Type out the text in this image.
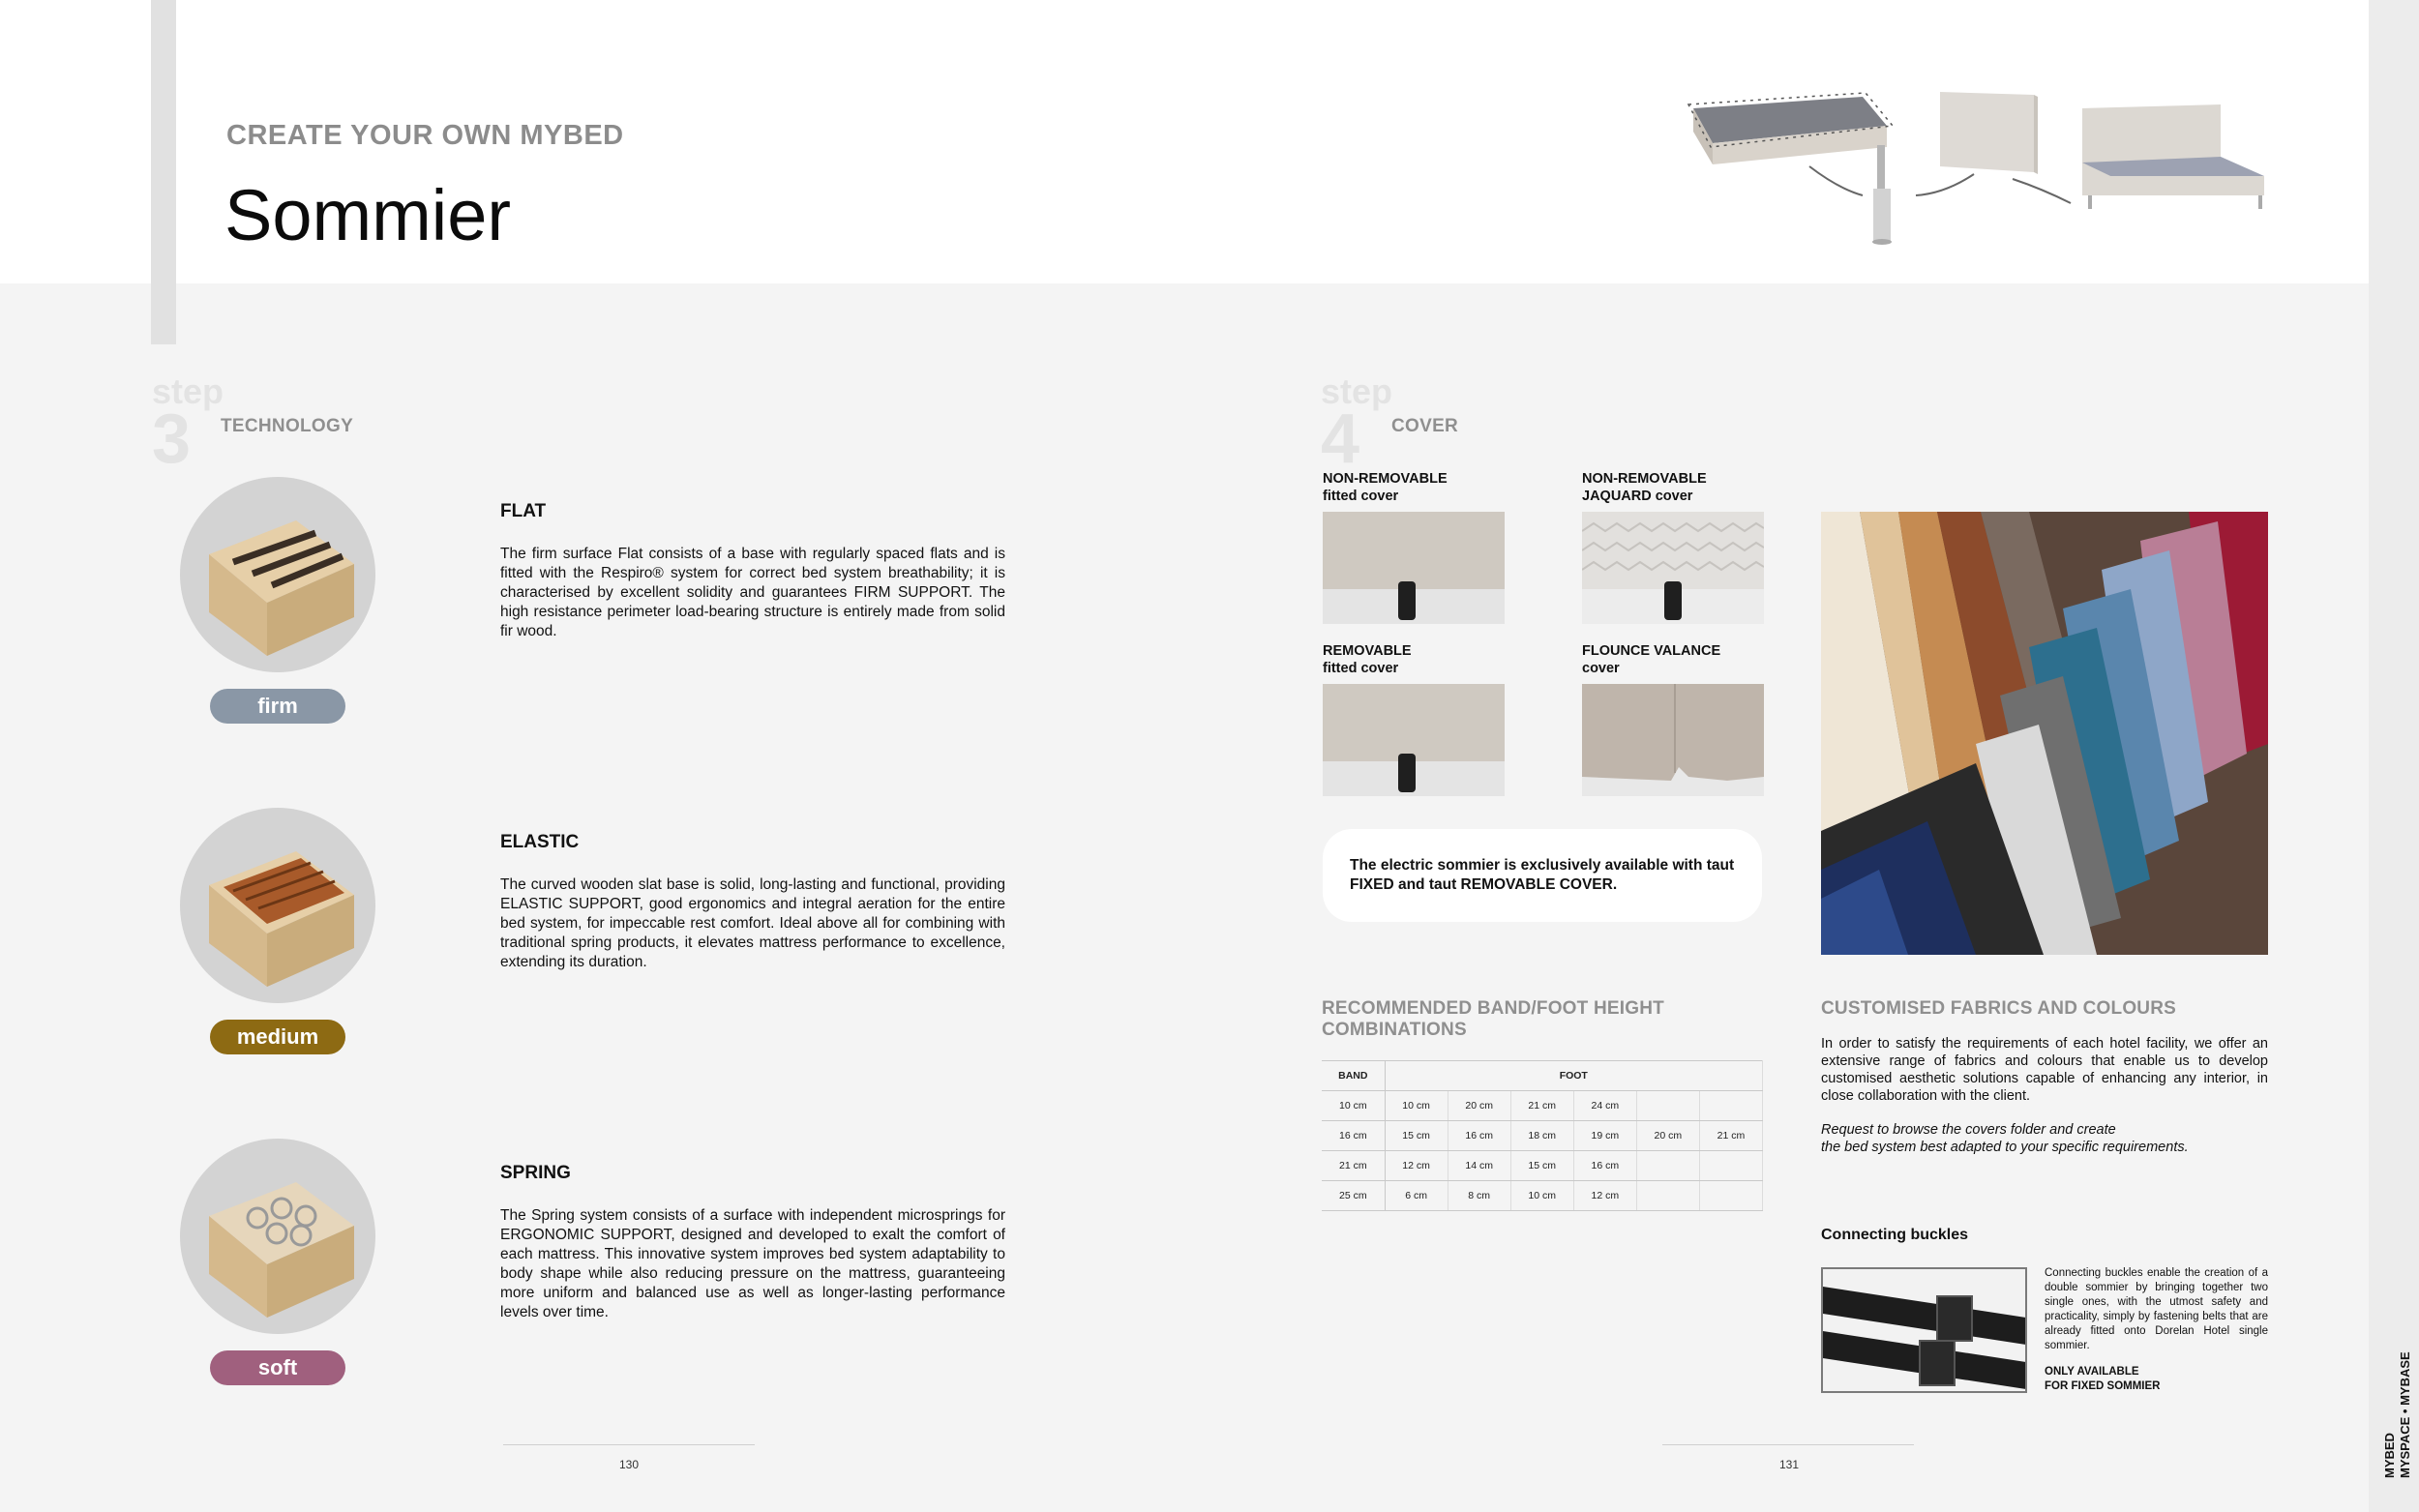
CREATE YOUR OWN MYBED
Sommier
step
3 TECHNOLOGY
firm
FLAT
The firm surface Flat consists of a base with regularly spaced flats and is fitted with the Respiro® system for correct bed system breathability; it is characterised by excellent solidity and guarantees FIRM SUPPORT. The high resistance perimeter load-bearing structure is entirely made from solid fir wood.
medium
ELASTIC
The curved wooden slat base is solid, long-lasting and functional, providing ELASTIC SUPPORT, good ergonomics and integral aeration for the entire bed system, for impeccable rest comfort. Ideal above all for combining with traditional spring products, it elevates mattress performance to excellence, extending its duration.
soft
SPRING
The Spring system consists of a surface with independent microsprings for ERGONOMIC SUPPORT, designed and developed to exalt the comfort of each mattress. This innovative system improves bed system adaptability to body shape while also reducing pressure on the mattress, guaranteeing more uniform and balanced use as well as longer-lasting performance levels over time.
130
step
4 COVER
NON-REMOVABLE
fitted cover
NON-REMOVABLE
JAQUARD cover
REMOVABLE
fitted cover
FLOUNCE VALANCE
cover
The electric sommier is exclusively available with taut FIXED and taut REMOVABLE COVER.
RECOMMENDED BAND/FOOT HEIGHT COMBINATIONS
BAND	FOOT					
10 cm	10 cm	20 cm	21 cm	24 cm		
16 cm	15 cm	16 cm	18 cm	19 cm	20 cm	21 cm
21 cm	12 cm	14 cm	15 cm	16 cm		
25 cm	6 cm	8 cm	10 cm	12 cm		
CUSTOMISED FABRICS AND COLOURS
In order to satisfy the requirements of each hotel facility, we offer an extensive range of fabrics and colours that enable us to develop customised aesthetic solutions capable of enhancing any interior, in close collaboration with the client.
Request to browse the covers folder and create
the bed system best adapted to your specific requirements.
Connecting buckles
Connecting buckles enable the creation of a double sommier by bringing together two single ones, with the utmost safety and practicality, simply by fastening belts that are already fitted onto Dorelan Hotel single sommier.
ONLY AVAILABLE
FOR FIXED SOMMIER
131	MYBED MYSPACE • MYBASE
